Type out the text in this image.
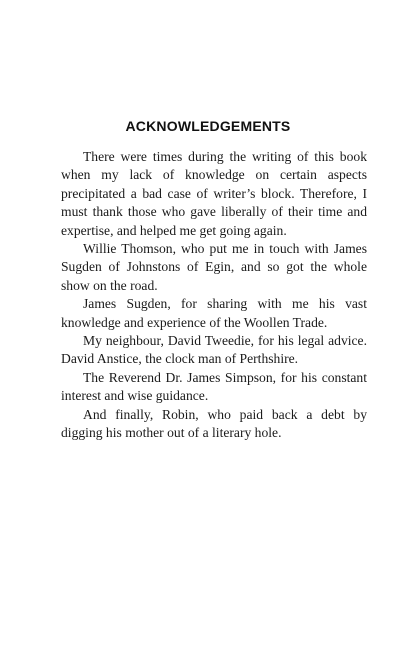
ACKNOWLEDGEMENTS

There were times during the writing of this book when my lack of knowledge on certain aspects precipitated a bad case of writer’s block. Therefore, I must thank those who gave liberally of their time and expertise, and helped me get going again.

Willie Thomson, who put me in touch with James Sugden of Johnstons of Egin, and so got the whole show on the road.

James Sugden, for sharing with me his vast knowledge and experience of the Woollen Trade.

My neighbour, David Tweedie, for his legal advice. David Anstice, the clock man of Perthshire.

The Reverend Dr. James Simpson, for his constant interest and wise guidance.

And finally, Robin, who paid back a debt by digging his mother out of a literary hole.
